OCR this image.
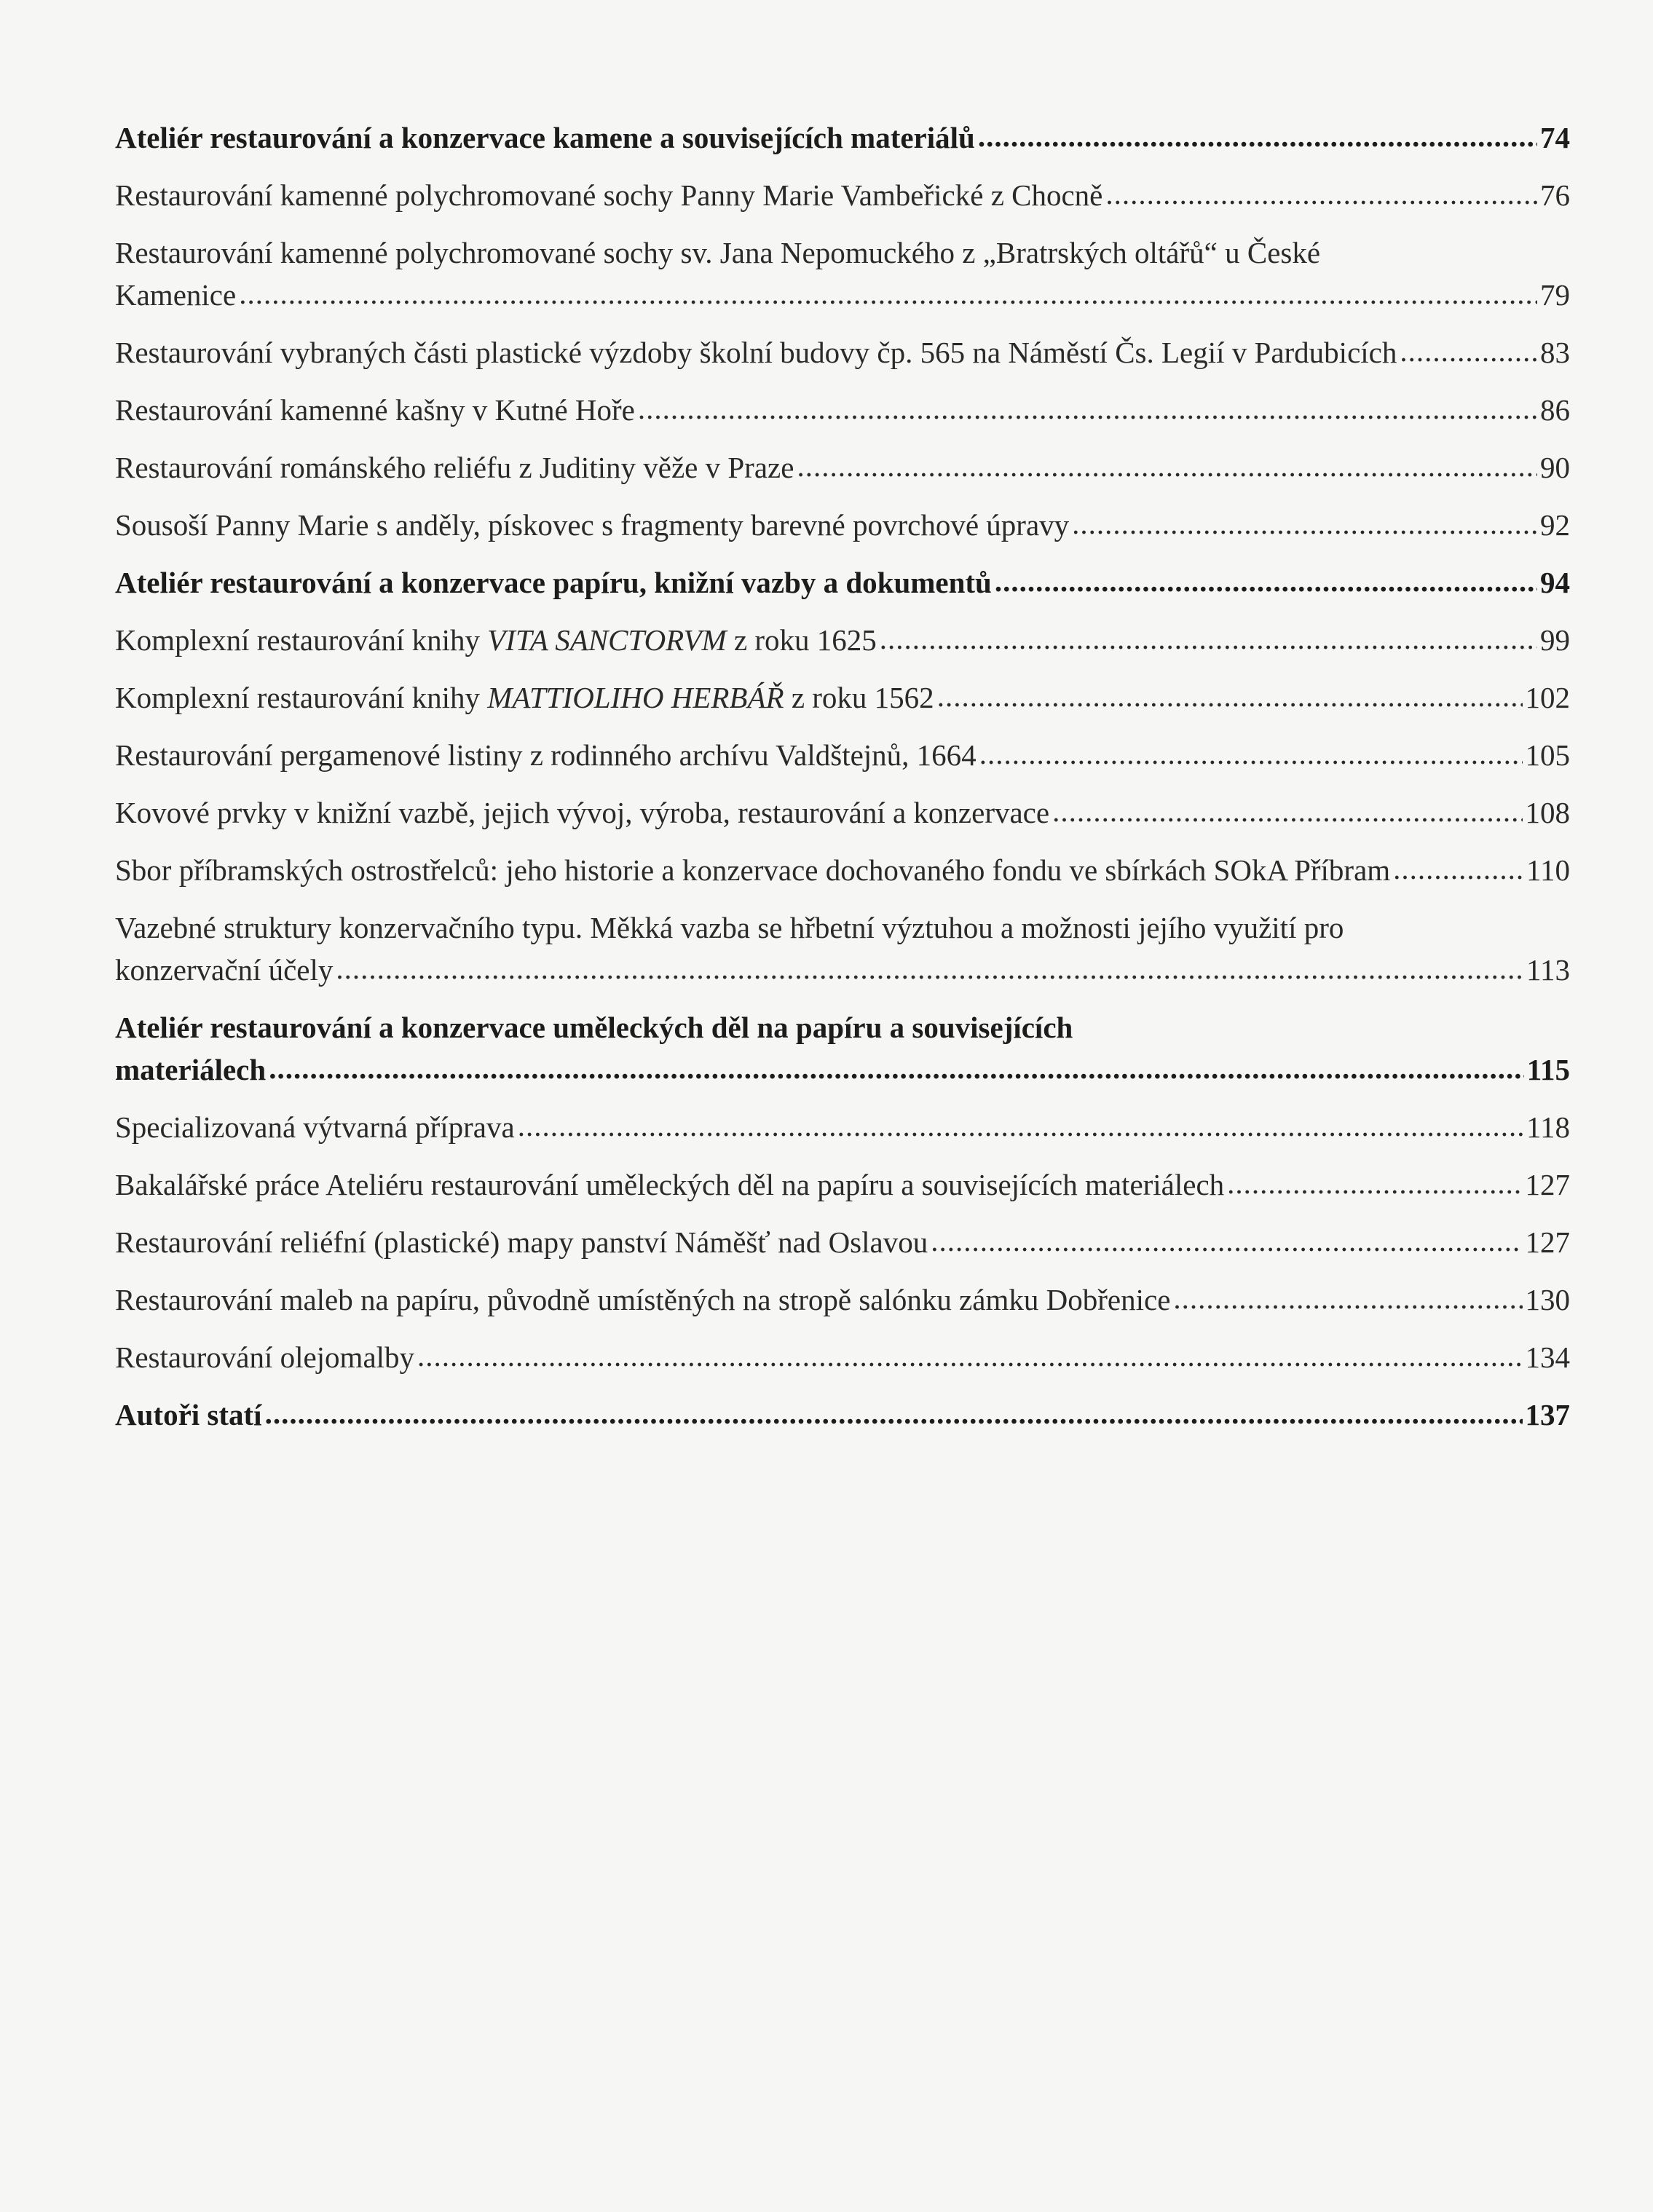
Ateliér restaurování a konzervace kamene a souvisejících materiálů .....	74
Restaurování kamenné polychromované sochy Panny Marie Vambeřické z Chocně .....	76
Restaurování kamenné polychromované sochy sv. Jana Nepomuckého z „Bratrských oltářů“ u České
Kamenice .....	79
Restaurování vybraných části plastické výzdoby školní budovy čp. 565 na Náměstí Čs. Legií v Pardubicích .....	83
Restaurování kamenné kašny v Kutné Hoře .....	86
Restaurování románského reliéfu z Juditiny věže v Praze .....	90
Sousoší Panny Marie s anděly, pískovec s fragmenty barevné povrchové úpravy .....	92
Ateliér restaurování a konzervace papíru, knižní vazby a dokumentů .....	94
Komplexní restaurování knihy VITA SANCTORVM z roku 1625 .....	99
Komplexní restaurování knihy MATTIOLIHO HERBÁŘ z roku 1562 .....	102
Restaurování pergamenové listiny z rodinného archívu Valdštejnů, 1664 .....	105
Kovové prvky v knižní vazbě, jejich vývoj, výroba, restaurování a konzervace .....	108
Sbor příbramských ostrostřelců: jeho historie a konzervace dochovaného fondu ve sbírkách SOkA Příbram .....	110
Vazebné struktury konzervačního typu. Měkká vazba se hřbetní výztuhou a možnosti jejího využití pro
konzervační účely .....	113
Ateliér restaurování a konzervace uměleckých děl na papíru a souvisejících
materiálech .....	115
Specializovaná výtvarná příprava .....	118
Bakalářské práce Ateliéru restaurování uměleckých děl na papíru a souvisejících materiálech .....	127
Restaurování reliéfní (plastické) mapy panství Náměšť nad Oslavou .....	127
Restaurování maleb na papíru, původně umístěných na stropě salónku zámku Dobřenice .....	130
Restaurování olejomalby .....	134
Autoři statí .....	137
